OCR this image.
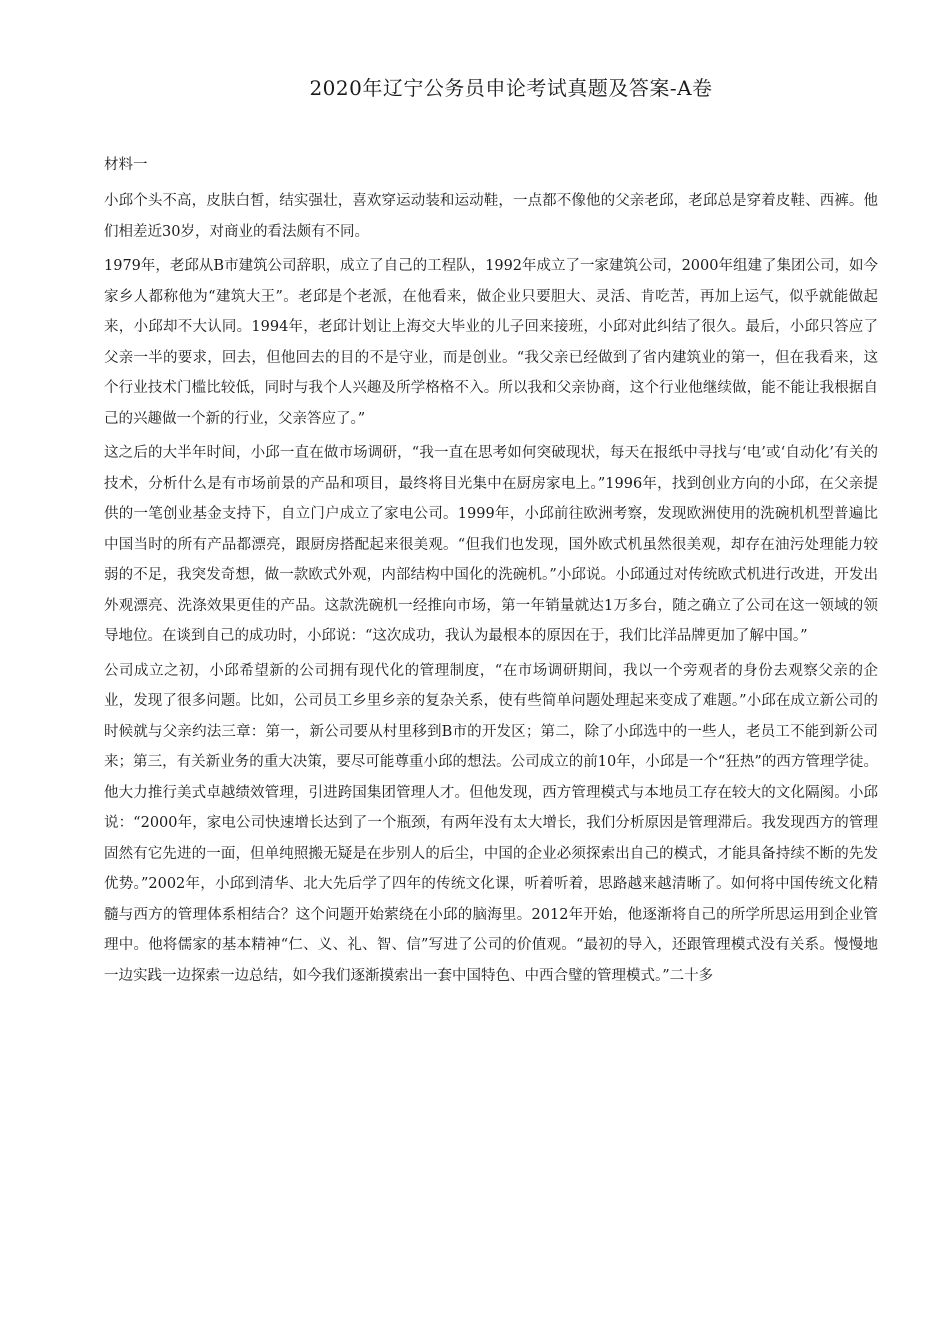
2020年辽宁公务员申论考试真题及答案-A卷
材料一

小邱个头不高，皮肤白皙，结实强壮，喜欢穿运动装和运动鞋，一点都不像他的父亲老邱，老邱总是穿着皮鞋、西裤。他们相差近30岁，对商业的看法颇有不同。

1979年，老邱从B市建筑公司辞职，成立了自己的工程队，1992年成立了一家建筑公司，2000年组建了集团公司，如今家乡人都称他为“建筑大王”。老邱是个老派，在他看来，做企业只要胆大、灵活、肯吃苦，再加上运气，似乎就能做起来，小邱却不大认同。1994年，老邱计划让上海交大毕业的儿子回来接班，小邱对此纠结了很久。最后，小邱只答应了父亲一半的要求，回去，但他回去的目的不是守业，而是创业。“我父亲已经做到了省内建筑业的第一，但在我看来，这个行业技术门槛比较低，同时与我个人兴趣及所学格格不入。所以我和父亲协商，这个行业他继续做，能不能让我根据自己的兴趣做一个新的行业，父亲答应了。”

这之后的大半年时间，小邱一直在做市场调研，“我一直在思考如何突破现状，每天在报纸中寻找与‘电’或‘自动化’有关的技术，分析什么是有市场前景的产品和项目，最终将目光集中在厨房家电上。”1996年，找到创业方向的小邱，在父亲提供的一笔创业基金支持下，自立门户成立了家电公司。1999年，小邱前往欧洲考察，发现欧洲使用的洗碗机机型普遍比中国当时的所有产品都漂亮，跟厨房搭配起来很美观。“但我们也发现，国外欧式机虽然很美观，却存在油污处理能力较弱的不足，我突发奇想，做一款欧式外观，内部结构中国化的洗碗机。”小邱说。小邱通过对传统欧式机进行改进，开发出外观漂亮、洗涤效果更佳的产品。这款洗碗机一经推向市场，第一年销量就达1万多台，随之确立了公司在这一领域的领导地位。在谈到自己的成功时，小邱说：“这次成功，我认为最根本的原因在于，我们比洋品牌更加了解中国。”

公司成立之初，小邱希望新的公司拥有现代化的管理制度，“在市场调研期间，我以一个旁观者的身份去观察父亲的企业，发现了很多问题。比如，公司员工乡里乡亲的复杂关系，使有些简单问题处理起来变成了难题。”小邱在成立新公司的时候就与父亲约法三章：第一，新公司要从村里移到B市的开发区；第二，除了小邱选中的一些人，老员工不能到新公司来；第三，有关新业务的重大决策，要尽可能尊重小邱的想法。公司成立的前10年，小邱是一个“狂热”的西方管理学徒。他大力推行美式卓越绩效管理，引进跨国集团管理人才。但他发现，西方管理模式与本地员工存在较大的文化隔阂。小邱说：“2000年，家电公司快速增长达到了一个瓶颈，有两年没有太大增长，我们分析原因是管理滞后。我发现西方的管理固然有它先进的一面，但单纯照搬无疑是在步别人的后尘，中国的企业必须探索出自己的模式，才能具备持续不断的先发优势。”2002年，小邱到清华、北大先后学了四年的传统文化课，听着听着，思路越来越清晰了。如何将中国传统文化精髓与西方的管理体系相结合？这个问题开始萦绕在小邱的脑海里。2012年开始，他逐渐将自己的所学所思运用到企业管理中。他将儒家的基本精神“仁、义、礼、智、信”写进了公司的价值观。“最初的导入，还跟管理模式没有关系。慢慢地一边实践一边探索一边总结，如今我们逐渐摸索出一套中国特色、中西合璧的管理模式。”二十多
